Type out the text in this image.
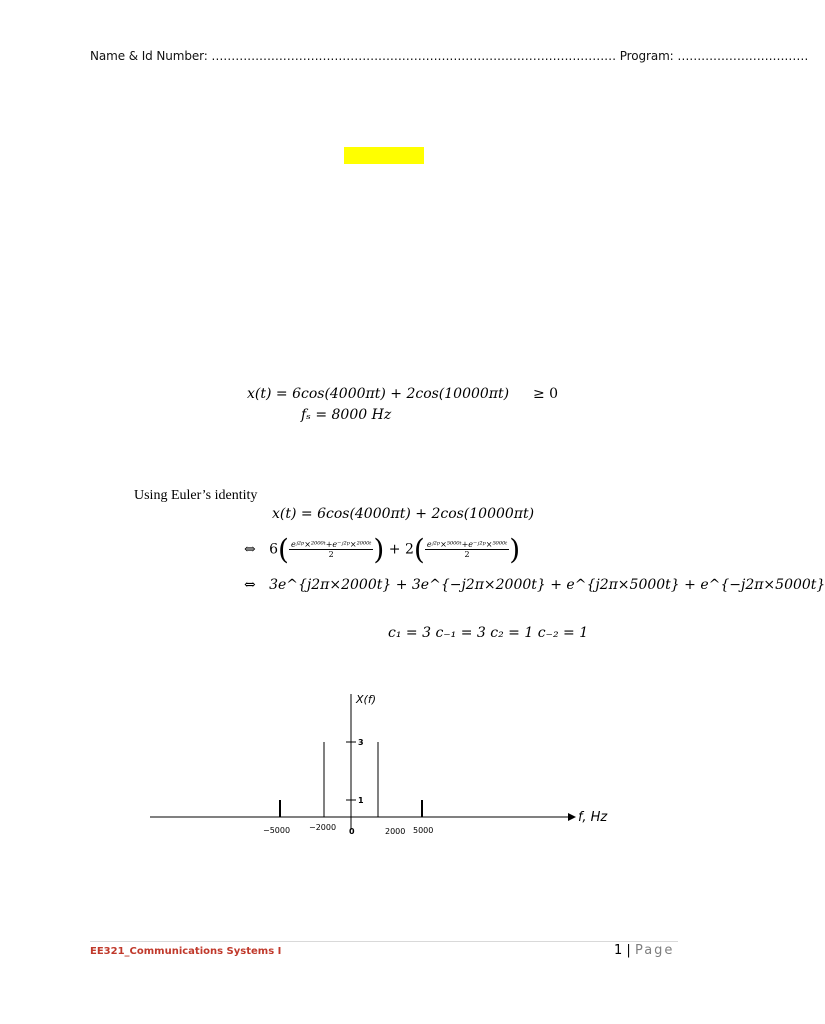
Name & Id Number: ………………………………………………………………………………………… Program: ……………………………
x(t) = 6cos(4000πt) + 2cos(10000πt) ≥ 0
fₛ = 8000 Hz
Using Euler’s identity
x(t) = 6cos(4000πt) + 2cos(10000πt)
⇔ $6( \frac{\text{eʲ²ᵖ×²⁰⁰⁰ᵗ+e⁻ʲ²ᵖ×²⁰⁰⁰ᵗ}}{2}$ ) + $2( \frac{\text{eʲ²ᵖ×⁵⁰⁰⁰ᵗ+e⁻ʲ²ᵖ×⁵⁰⁰⁰ᵗ}}{2}$ )
⇔ 3e^{j2π×2000t} + 3e^{−j2π×2000t} + e^{j2π×5000t} + e^{−j2π×5000t}
c₁ = 3 c₋₁ = 3 c₂ = 1 c₋₂ = 1
X(f)
f, Hz
1
3
−5000 −2000 0	2000 5000
EE321_Communications Systems I	1 | Page
